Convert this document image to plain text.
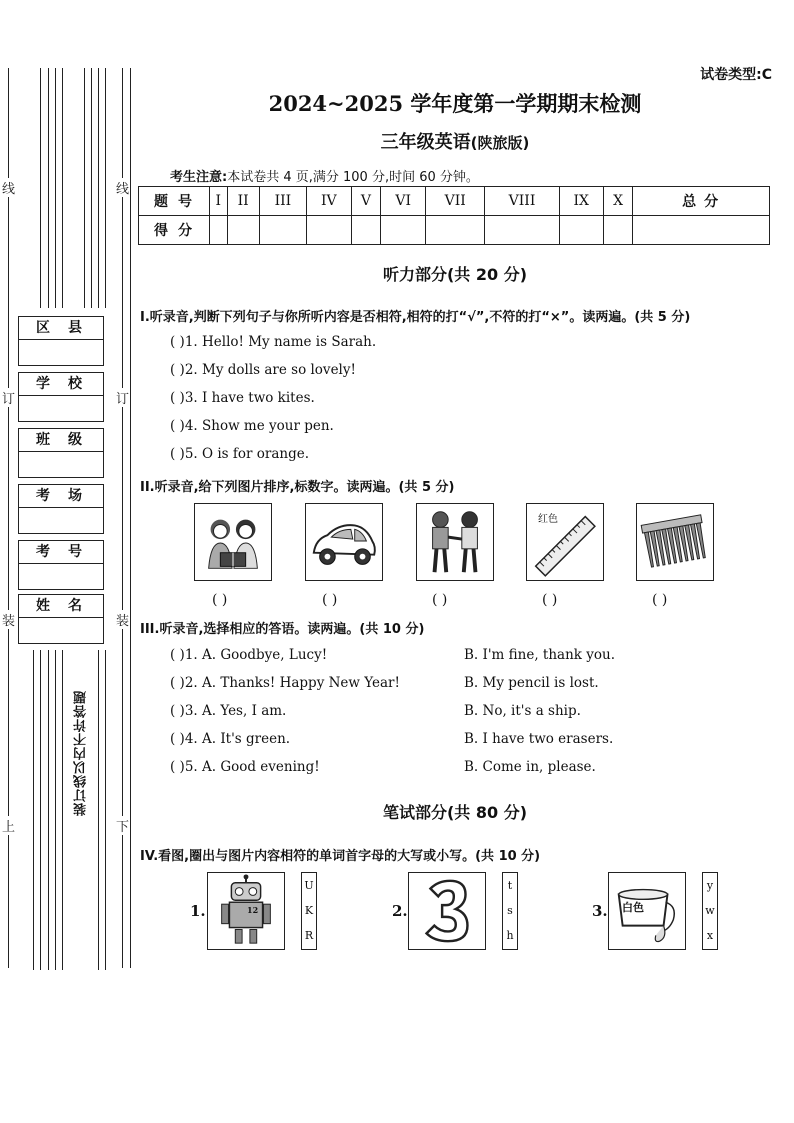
线
订
装
下
线
订
装
上
区县
学校
班级
考场
考号
姓名
装订线以内不许答题
试卷类型:C
2024~2025 学年度第一学期期末检测
三年级英语(陕旅版)
考生注意:本试卷共 4 页,满分 100 分,时间 60 分钟。
题号	I	II	III	IV	V	VI	VII	VIII	IX	X	总分
得分											
听力部分(共 20 分)
I.听录音,判断下列句子与你所听内容是否相符,相符的打“√”,不符的打“×”。读两遍。(共 5 分)
( )1. Hello! My name is Sarah.
( )2. My dolls are so lovely!
( )3. I have two kites.
( )4. Show me your pen.
( )5. O is for orange.
II.听录音,给下列图片排序,标数字。读两遍。(共 5 分)
( )	( )	( )
红色
( )	( )
III.听录音,选择相应的答语。读两遍。(共 10 分)
( )1. A. Goodbye, Lucy!	B. I'm fine, thank you.
( )2. A. Thanks! Happy New Year!	B. My pencil is lost.
( )3. A. Yes, I am.	B. No, it's a ship.
( )4. A. It's green.	B. I have two erasers.
( )5. A. Good evening!	B. Come in, please.
笔试部分(共 80 分)
IV.看图,圈出与图片内容相符的单词首字母的大写或小写。(共 10 分)
1.	12
U
K
R
2.
t
s
h
3. 白色
y
w
x
